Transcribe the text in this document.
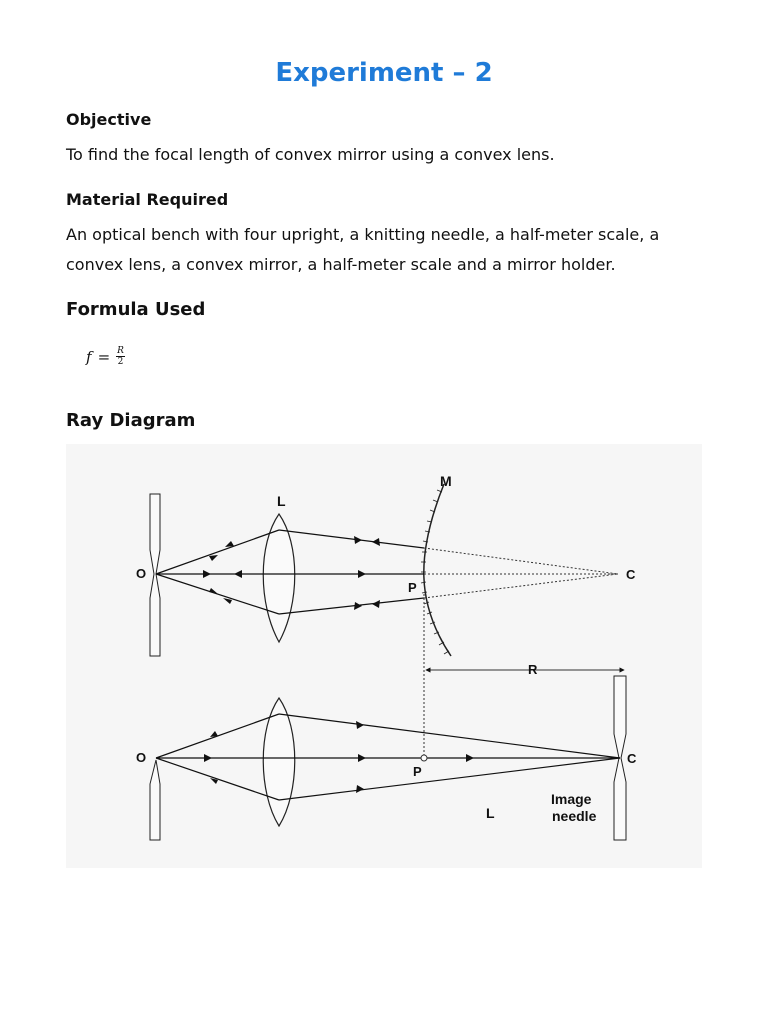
Experiment – 2
Objective

To find the focal length of convex mirror using a convex lens.

Material Required

An optical bench with four upright, a knitting needle, a half-meter scale, a

convex lens, a convex mirror, a half-meter scale and a mirror holder.

Formula Used
$f = \frac{R}{2}$
Ray Diagram
M
L
O	C
P
R
O	C
P
L
Image
needle
